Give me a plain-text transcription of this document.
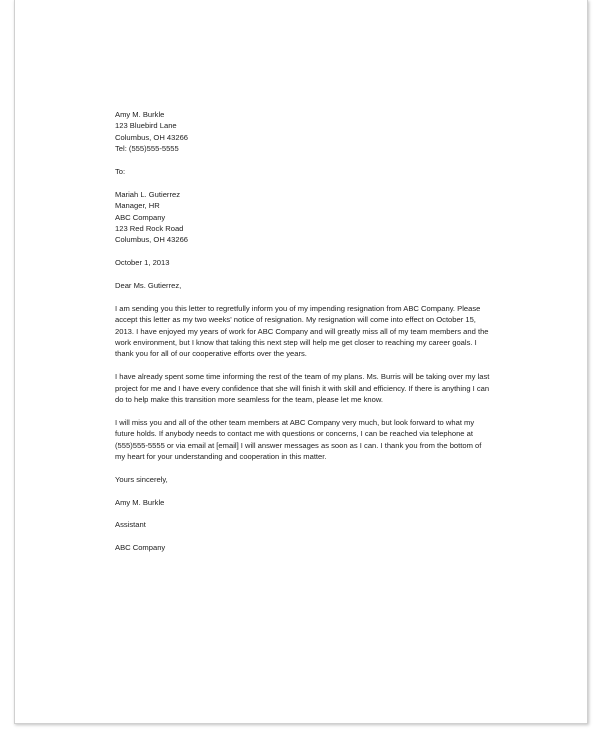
Amy M. Burkle
123 Bluebird Lane
Columbus, OH 43266
Tel: (555)555-5555
To:
Mariah L. Gutierrez
Manager, HR
ABC Company
123 Red Rock Road
Columbus, OH 43266
October 1, 2013
Dear Ms. Gutierrez,
I am sending you this letter to regretfully inform you of my impending resignation from ABC Company. Please
accept this letter as my two weeks' notice of resignation. My resignation will come into effect on October 15,
2013. I have enjoyed my years of work for ABC Company and will greatly miss all of my team members and the
work environment, but I know that taking this next step will help me get closer to reaching my career goals. I
thank you for all of our cooperative efforts over the years.
I have already spent some time informing the rest of the team of my plans. Ms. Burris will be taking over my last
project for me and I have every confidence that she will finish it with skill and efficiency. If there is anything I can
do to help make this transition more seamless for the team, please let me know.
I will miss you and all of the other team members at ABC Company very much, but look forward to what my
future holds. If anybody needs to contact me with questions or concerns, I can be reached via telephone at
(555)555-5555 or via email at [email] I will answer messages as soon as I can. I thank you from the bottom of
my heart for your understanding and cooperation in this matter.
Yours sincerely,
Amy M. Burkle
Assistant
ABC Company
